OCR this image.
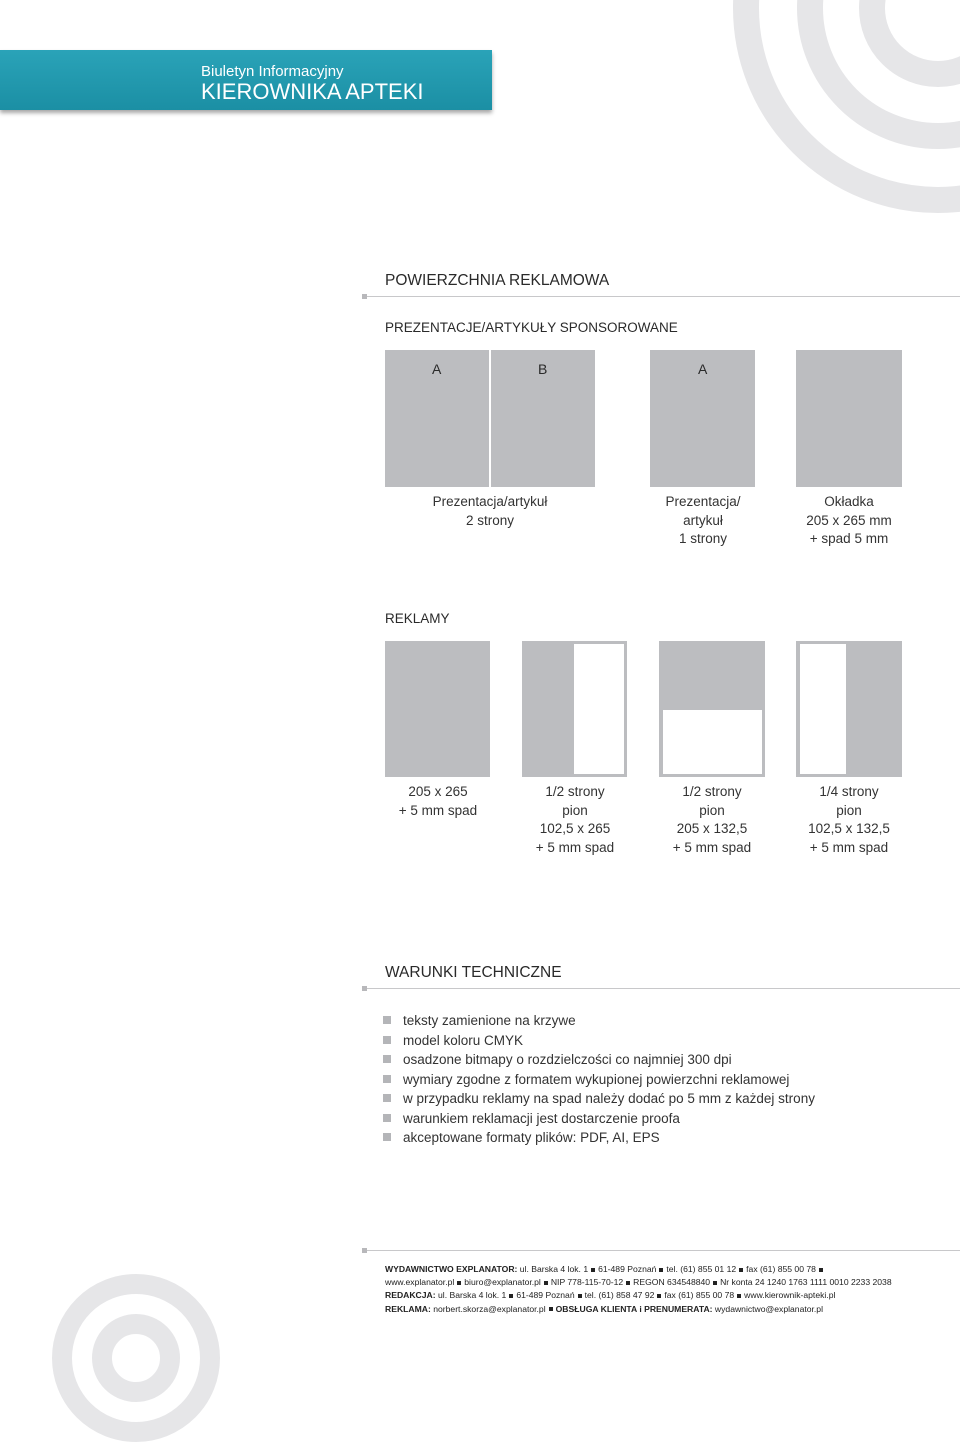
Biuletyn Informacyjny
KIEROWNIKA APTEKI
POWIERZCHNIA REKLAMOWA
PREZENTACJE/ARTYKUŁY SPONSOROWANE
A	B	A
Prezentacja/artykuł
2 strony
Prezentacja/
artykuł
1 strony
Okładka
205 x 265 mm
+ spad 5 mm
REKLAMY
205 x 265
+ 5 mm spad
1/2 strony
pion
102,5 x 265
+ 5 mm spad
1/2 strony
pion
205 x 132,5
+ 5 mm spad
1/4 strony
pion
102,5 x 132,5
+ 5 mm spad
WARUNKI TECHNICZNE
teksty zamienione na krzywe
model koloru CMYK
osadzone bitmapy o rozdzielczości co najmniej 300 dpi
wymiary zgodne z formatem wykupionej powierzchni reklamowej
w przypadku reklamy na spad należy dodać po 5 mm z każdej strony
warunkiem reklamacji jest dostarczenie proofa
akceptowane formaty plików: PDF, AI, EPS
WYDAWNICTWO EXPLANATOR: ul. Barska 4 lok. 1 61-489 Poznań tel. (61) 855 01 12 fax (61) 855 00 78
www.explanator.pl biuro@explanator.pl NIP 778-115-70-12 REGON 634548840 Nr konta 24 1240 1763 1111 0010 2233 2038
REDAKCJA: ul. Barska 4 lok. 1 61-489 Poznań tel. (61) 858 47 92 fax (61) 855 00 78 www.kierownik-apteki.pl
REKLAMA: norbert.skorza@explanator.pl OBSŁUGA KLIENTA i PRENUMERATA: wydawnictwo@explanator.pl
